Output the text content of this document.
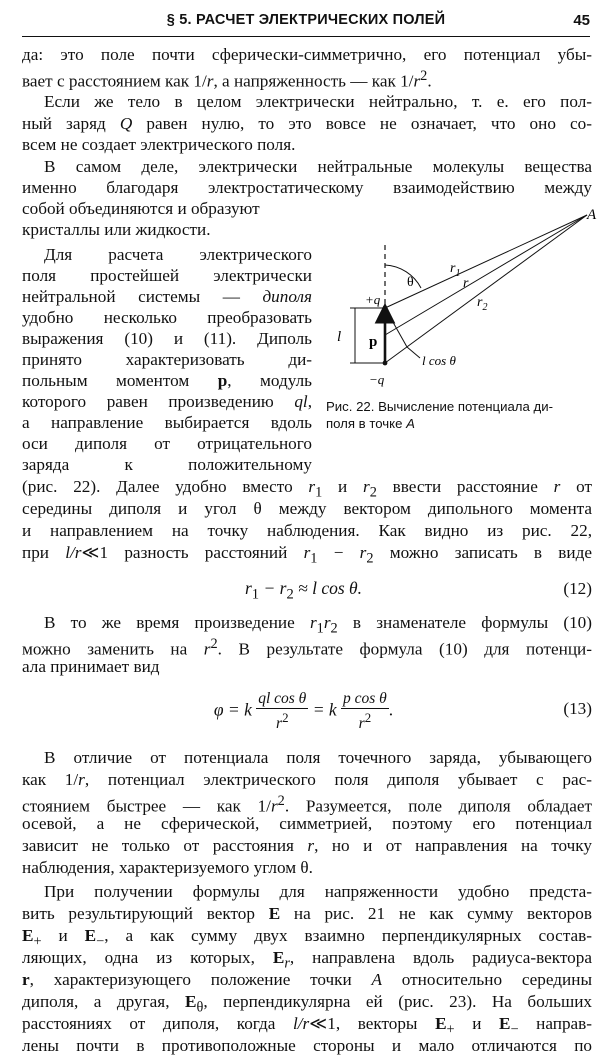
§ 5. РАСЧЕТ ЭЛЕКТРИЧЕСКИХ ПОЛЕЙ	45
да: это поле почти сферически-симметрично, его потенциал убы-
вает с расстоянием как 1/r, а напряженность — как $1/r^2$.
Если же тело в целом электрически нейтрально, т. е. его пол-
ный заряд Q равен нулю, то это вовсе не означает, что оно со-
всем не создает электрического поля.
В самом деле, электрически нейтральные молекулы вещества
именно благодаря электростатическому взаимодействию между
собой объединяются и образуют
кристаллы или жидкости.
Для расчета электрического
поля простейшей электрически
нейтральной системы — диполя
удобно несколько преобразовать
выражения (10) и (11). Диполь
принято характеризовать ди-
польным моментом p, модуль
которого равен произведению ql,
а направление выбирается вдоль
оси диполя от отрицательного
заряда к положительному
(рис. 22). Далее удобно вместо $r_1$ и $r_2$ ввести расстояние r от
середины диполя и угол θ между вектором дипольного момента
и направлением на точку наблюдения. Как видно из рис. 22,
при l/r≪1 разность расстояний $r_1 - r_2$ можно записать в виде
$r_1 - r_2 \approx l$ cos θ.	(12)
В то же время произведение $r_1r_2$ в знаменателе формулы (10)
можно заменить на $r^2$. В результате формула (10) для потенци-
ала принимает вид
φ = k $\frac{\text{ql cos θ}}{r^2} = k \frac{\text{p cos θ}}{r^2}$ .	(13)
В отличие от потенциала поля точечного заряда, убывающего
как 1/r, потенциал электрического поля диполя убывает с рас-
стоянием быстрее — как $1/r^2$. Разумеется, поле диполя обладает
осевой, а не сферической, симметрией, поэтому его потенциал
зависит не только от расстояния r, но и от направления на точку
наблюдения, характеризуемого углом θ.
При получении формулы для напряженности удобно предста-
вить результирующий вектор E на рис. 21 не как сумму векторов
$E_+$ и $E_-$, а как сумму двух взаимно перпендикулярных состав-
ляющих, одна из которых, $E_r$, направлена вдоль радиуса-вектора
r, характеризующего положение точки A относительно середины
диполя, а другая, $E_\theta$, перпендикулярна ей (рис. 23). На больших
расстояниях от диполя, когда l/r≪1, векторы $E_+$ и $E_-$ направ-
лены почти в противоположные стороны и мало отличаются по
A
θ
$r_1$
r
$r_2$
+q
−q
l p
l cos θ
Рис. 22. Вычисление потенциала ди-
поля в точке A
